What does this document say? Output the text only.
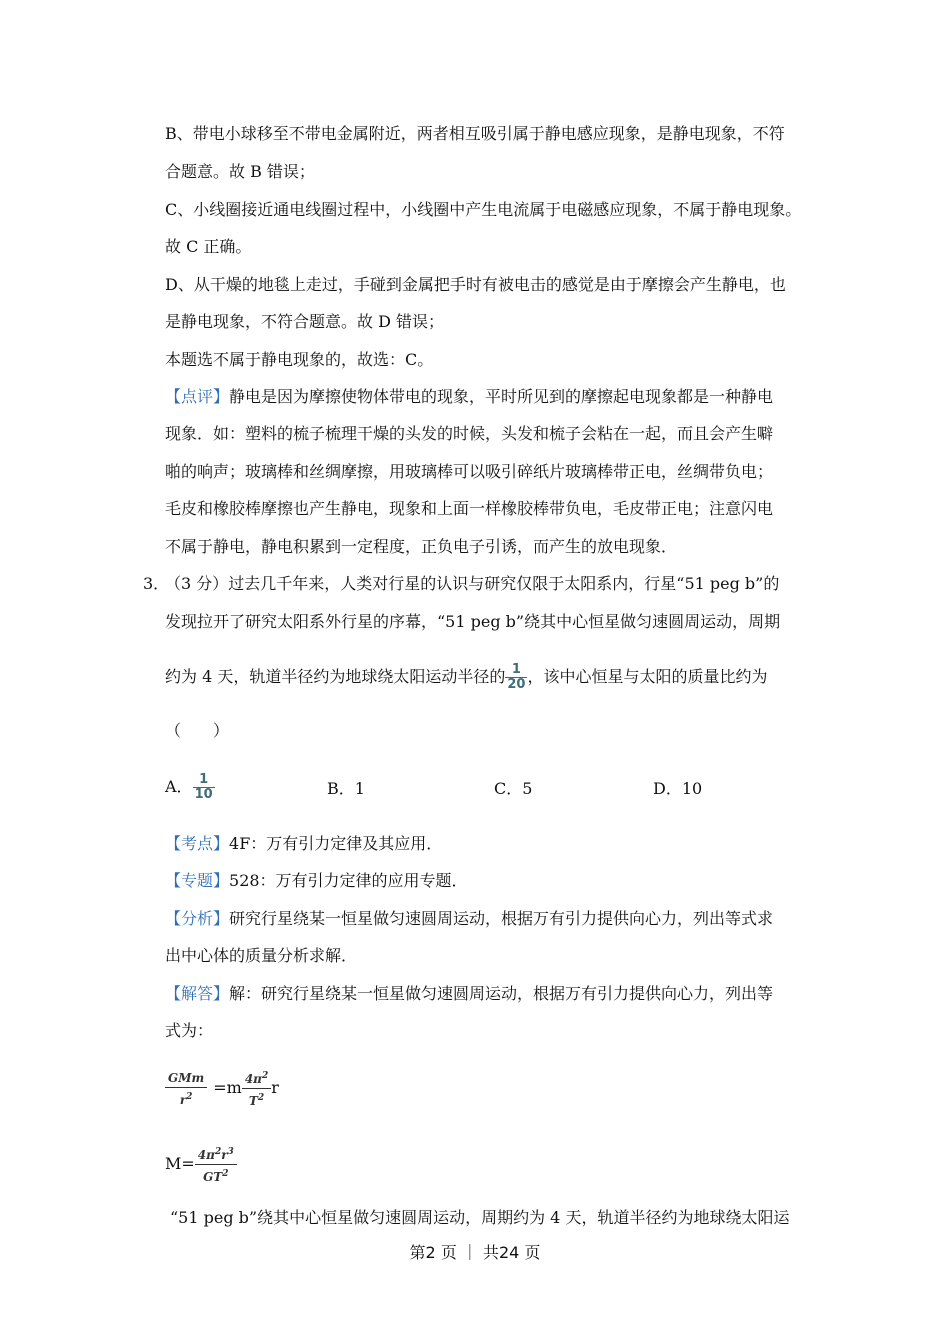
B、带电小球移至不带电金属附近，两者相互吸引属于静电感应现象，是静电现象，不符
合题意。故 B 错误；
C、小线圈接近通电线圈过程中，小线圈中产生电流属于电磁感应现象，不属于静电现象。
故 C 正确。
D、从干燥的地毯上走过，手碰到金属把手时有被电击的感觉是由于摩擦会产生静电，也
是静电现象，不符合题意。故 D 错误；
本题选不属于静电现象的，故选：C。
【点评】静电是因为摩擦使物体带电的现象，平时所见到的摩擦起电现象都是一种静电
现象．如：塑料的梳子梳理干燥的头发的时候，头发和梳子会粘在一起，而且会产生噼
啪的响声；玻璃棒和丝绸摩擦，用玻璃棒可以吸引碎纸片玻璃棒带正电，丝绸带负电；
毛皮和橡胶棒摩擦也产生静电，现象和上面一样橡胶棒带负电，毛皮带正电；注意闪电
不属于静电，静电积累到一定程度，正负电子引诱，而产生的放电现象．
3．
（3 分）过去几千年来，人类对行星的认识与研究仅限于太阳系内，行星“51 peg b”的
发现拉开了研究太阳系外行星的序幕，“51 peg b”绕其中心恒星做匀速圆周运动，周期
约为 4 天，轨道半径约为地球绕太阳运动半径的 $\frac{1}{20}$ ，该中心恒星与太阳的质量比约为
（　　）
A． $\frac{1}{10}$	B．1	C．5	D．10
【考点】4F：万有引力定律及其应用．
【专题】528：万有引力定律的应用专题．
【分析】研究行星绕某一恒星做匀速圆周运动，根据万有引力提供向心力，列出等式求
出中心体的质量分析求解．
【解答】解：研究行星绕某一恒星做匀速圆周运动，根据万有引力提供向心力，列出等
式为：
$\frac{\text{GMm}}{r^2} =m \frac{4\pi^2}{T^2}$ r
$M= \frac{4\pi^2r^3}{GT^2}$
“51 peg b”绕其中心恒星做匀速圆周运动，周期约为 4 天，轨道半径约为地球绕太阳运
第2 页 ｜ 共24 页
